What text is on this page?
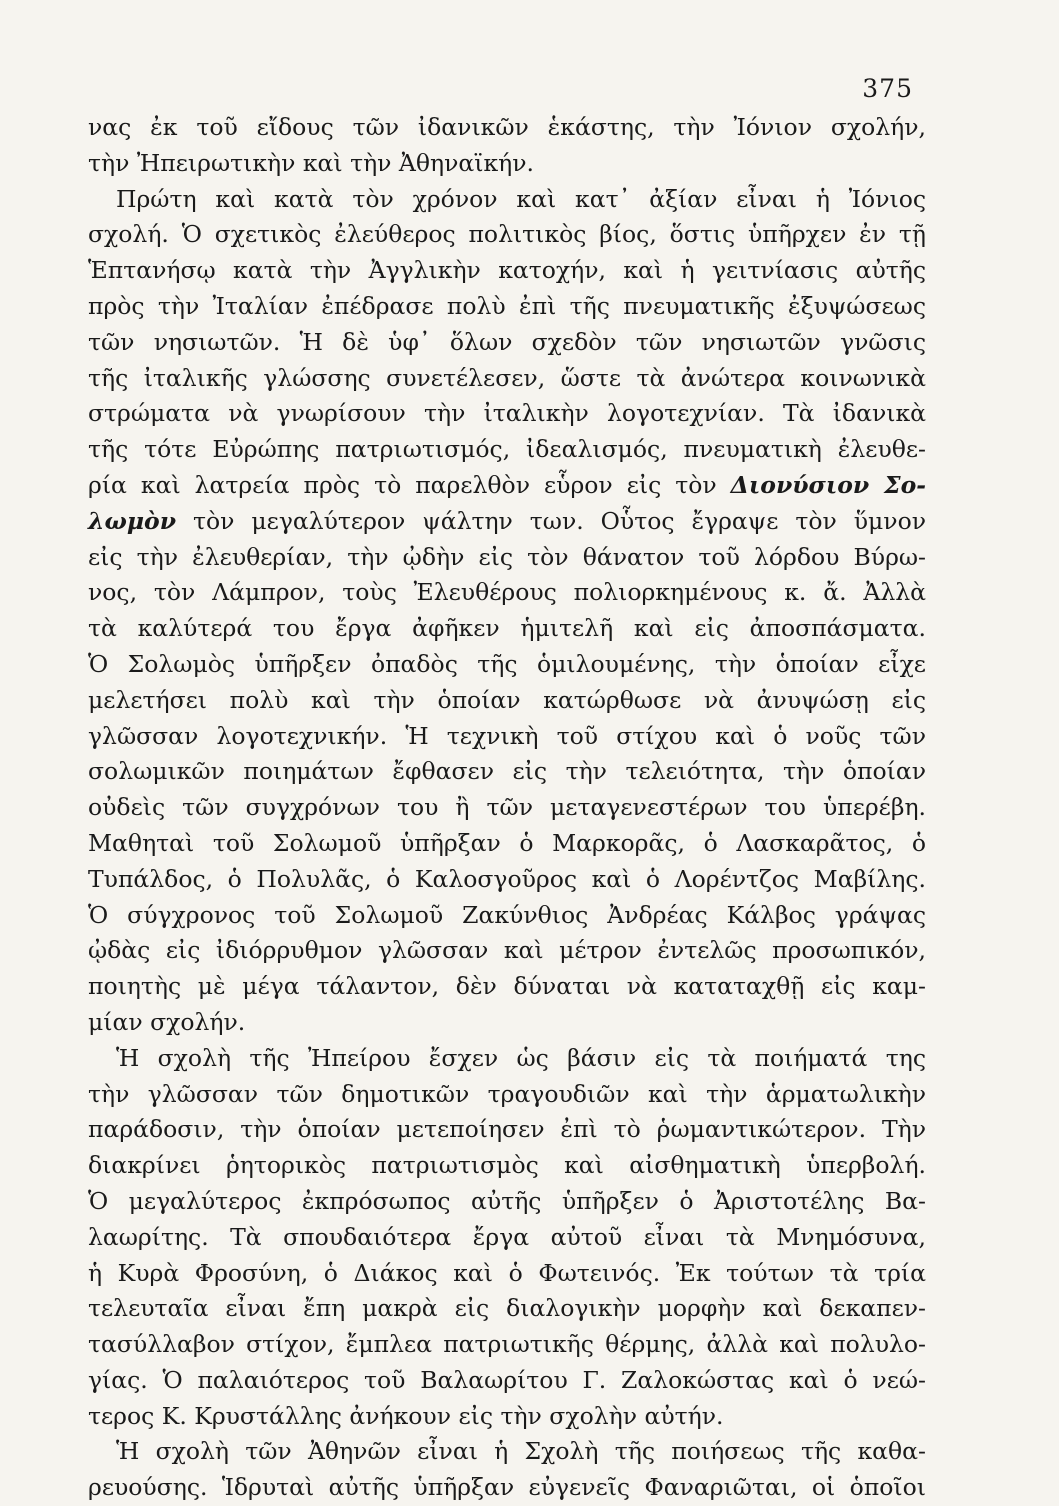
375
νας ἐκ τοῦ εἴδους τῶν ἰδανικῶν ἑκάστης, τὴν Ἰόνιον σχολήν,
τὴν Ἠπειρωτικὴν καὶ τὴν Ἀθηναϊκήν.
Πρώτη καὶ κατὰ τὸν χρόνον καὶ κατ᾿ ἀξίαν εἶναι ἡ Ἰόνιος
σχολή. Ὁ σχετικὸς ἐλεύθερος πολιτικὸς βίος, ὅστις ὑπῆρχεν ἐν τῇ
Ἑπτανήσῳ κατὰ τὴν Ἀγγλικὴν κατοχήν, καὶ ἡ γειτνίασις αὐτῆς
πρὸς τὴν Ἰταλίαν ἐπέδρασε πολὺ ἐπὶ τῆς πνευματικῆς ἐξυψώσεως
τῶν νησιωτῶν. Ἡ δὲ ὑφ᾿ ὅλων σχεδὸν τῶν νησιωτῶν γνῶσις
τῆς ἰταλικῆς γλώσσης συνετέλεσεν, ὥστε τὰ ἀνώτερα κοινωνικὰ
στρώματα νὰ γνωρίσουν τὴν ἰταλικὴν λογοτεχνίαν. Τὰ ἰδανικὰ
τῆς τότε Εὐρώπης πατριωτισμός, ἰδεαλισμός, πνευματικὴ ἐλευθε-
ρία καὶ λατρεία πρὸς τὸ παρελθὸν εὗρον εἰς τὸν Διονύσιον Σο-
λωμὸν τὸν μεγαλύτερον ψάλτην των. Οὗτος ἔγραψε τὸν ὕμνον
εἰς τὴν ἐλευθερίαν, τὴν ᾠδὴν εἰς τὸν θάνατον τοῦ λόρδου Βύρω-
νος, τὸν Λάμπρον, τοὺς Ἐλευθέρους πολιορκημένους κ. ἄ. Ἀλλὰ
τὰ καλύτερά του ἔργα ἀφῆκεν ἡμιτελῆ καὶ εἰς ἀποσπάσματα.
Ὁ Σολωμὸς ὑπῆρξεν ὀπαδὸς τῆς ὁμιλουμένης, τὴν ὁποίαν εἶχε
μελετήσει πολὺ καὶ τὴν ὁποίαν κατώρθωσε νὰ ἀνυψώσῃ εἰς
γλῶσσαν λογοτεχνικήν. Ἡ τεχνικὴ τοῦ στίχου καὶ ὁ νοῦς τῶν
σολωμικῶν ποιημάτων ἔφθασεν εἰς τὴν τελειότητα, τὴν ὁποίαν
οὐδεὶς τῶν συγχρόνων του ἢ τῶν μεταγενεστέρων του ὑπερέβη.
Μαθηταὶ τοῦ Σολωμοῦ ὑπῆρξαν ὁ Μαρκορᾶς, ὁ Λασκαρᾶτος, ὁ
Τυπάλδος, ὁ Πολυλᾶς, ὁ Καλοσγοῦρος καὶ ὁ Λορέντζος Μαβίλης.
Ὁ σύγχρονος τοῦ Σολωμοῦ Ζακύνθιος Ἀνδρέας Κάλβος γράψας
ᾠδὰς εἰς ἰδιόρρυθμον γλῶσσαν καὶ μέτρον ἐντελῶς προσωπικόν,
ποιητὴς μὲ μέγα τάλαντον, δὲν δύναται νὰ καταταχθῇ εἰς καμ-
μίαν σχολήν.
Ἡ σχολὴ τῆς Ἠπείρου ἔσχεν ὡς βάσιν εἰς τὰ ποιήματά της
τὴν γλῶσσαν τῶν δημοτικῶν τραγουδιῶν καὶ τὴν ἁρματωλικὴν
παράδοσιν, τὴν ὁποίαν μετεποίησεν ἐπὶ τὸ ῥωμαντικώτερον. Τὴν
διακρίνει ῥητορικὸς πατριωτισμὸς καὶ αἰσθηματικὴ ὑπερβολή.
Ὁ μεγαλύτερος ἐκπρόσωπος αὐτῆς ὑπῆρξεν ὁ Ἀριστοτέλης Βα-
λαωρίτης. Τὰ σπουδαιότερα ἔργα αὐτοῦ εἶναι τὰ Μνημόσυνα,
ἡ Κυρὰ Φροσύνη, ὁ Διάκος καὶ ὁ Φωτεινός. Ἐκ τούτων τὰ τρία
τελευταῖα εἶναι ἔπη μακρὰ εἰς διαλογικὴν μορφὴν καὶ δεκαπεν-
τασύλλαβον στίχον, ἔμπλεα πατριωτικῆς θέρμης, ἀλλὰ καὶ πολυλο-
γίας. Ὁ παλαιότερος τοῦ Βαλαωρίτου Γ. Ζαλοκώστας καὶ ὁ νεώ-
τερος Κ. Κρυστάλλης ἀνήκουν εἰς τὴν σχολὴν αὐτήν.
Ἡ σχολὴ τῶν Ἀθηνῶν εἶναι ἡ Σχολὴ τῆς ποιήσεως τῆς καθα-
ρευούσης. Ἱδρυταὶ αὐτῆς ὑπῆρξαν εὐγενεῖς Φαναριῶται, οἱ ὁποῖοι
